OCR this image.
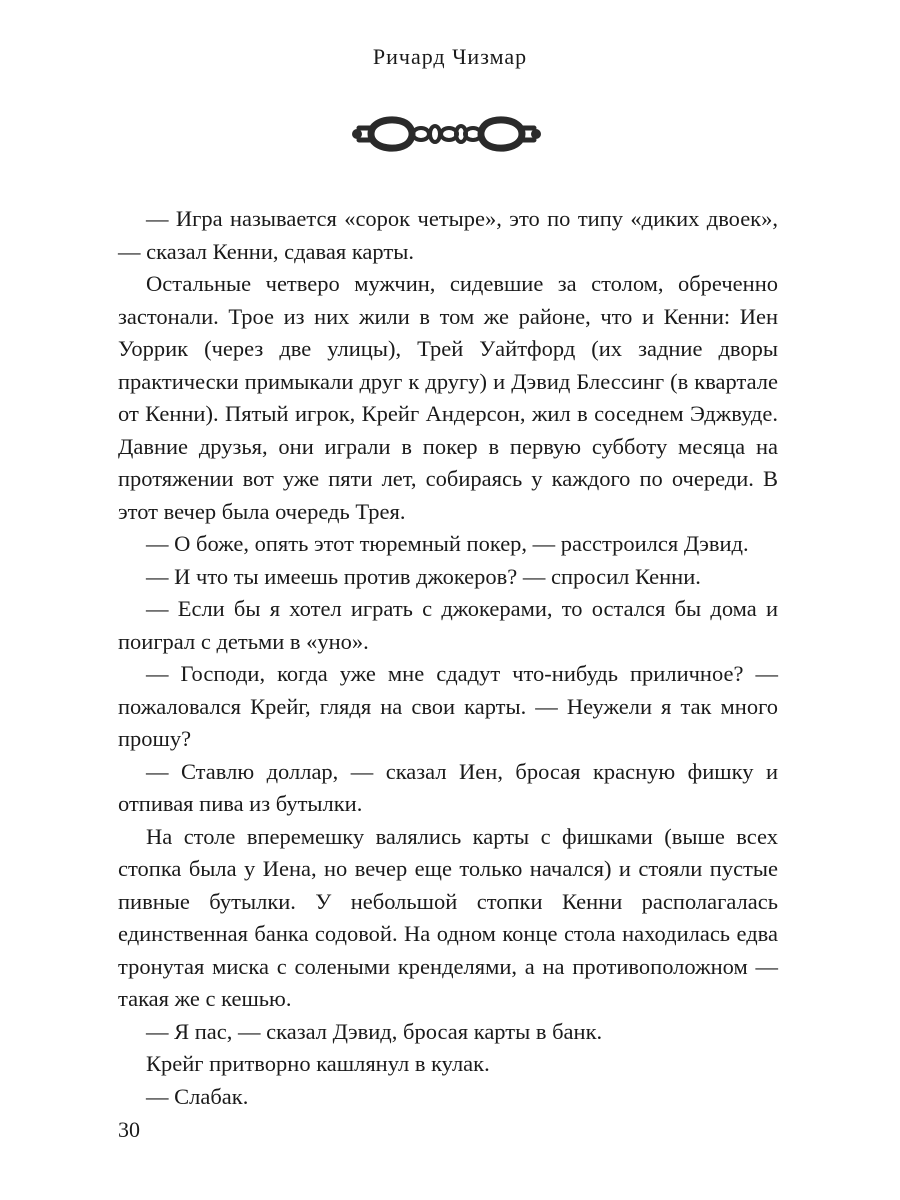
Ричард Чизмар

— Игра называется «сорок четыре», это по типу «диких двоек», — сказал Кенни, сдавая карты.

Остальные четверо мужчин, сидевшие за столом, обреченно застонали. Трое из них жили в том же районе, что и Кенни: Иен Уоррик (через две улицы), Трей Уайтфорд (их задние дворы практически примыкали друг к другу) и Дэвид Блессинг (в квартале от Кенни). Пятый игрок, Крейг Андерсон, жил в соседнем Эджвуде. Давние друзья, они играли в покер в первую субботу месяца на протяжении вот уже пяти лет, собираясь у каждого по очереди. В этот вечер была очередь Трея.

— О боже, опять этот тюремный покер, — расстроился Дэвид.

— И что ты имеешь против джокеров? — спросил Кенни.

— Если бы я хотел играть с джокерами, то остался бы дома и поиграл с детьми в «уно».

— Господи, когда уже мне сдадут что-нибудь приличное? — пожаловался Крейг, глядя на свои карты. — Неужели я так много прошу?

— Ставлю доллар, — сказал Иен, бросая красную фишку и отпивая пива из бутылки.

На столе вперемешку валялись карты с фишками (выше всех стопка была у Иена, но вечер еще только начался) и стояли пустые пивные бутылки. У небольшой стопки Кенни располагалась единственная банка содовой. На одном конце стола находилась едва тронутая миска с солеными кренделями, а на противоположном — такая же с кешью.

— Я пас, — сказал Дэвид, бросая карты в банк.

Крейг притворно кашлянул в кулак.

— Слабак.

30
